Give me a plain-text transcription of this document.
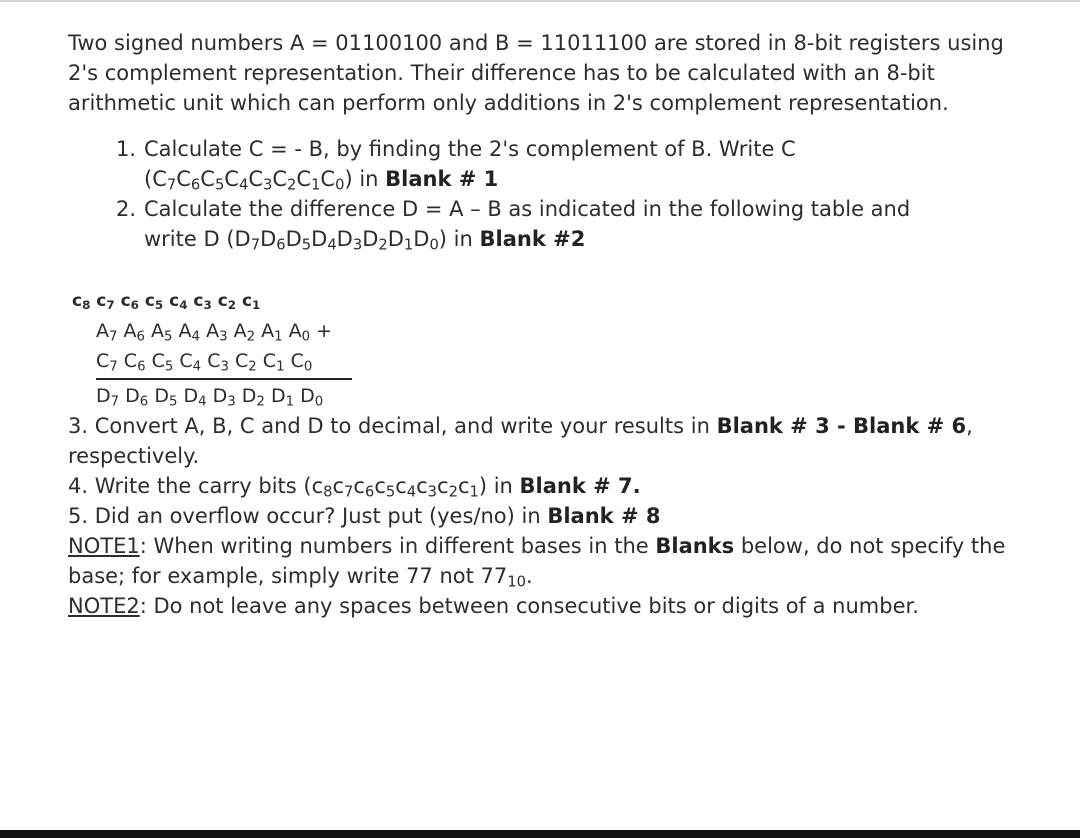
Two signed numbers A = 01100100 and B = 11011100 are stored in 8-bit registers using 2's complement representation. Their difference has to be calculated with an 8-bit arithmetic unit which can perform only additions in 2's complement representation.

1. Calculate C = - B, by finding the 2's complement of B. Write C $(C_7C_6C_5C_4C_3C_2C_1C_0)$ in Blank # 1
2. Calculate the difference D = A – B as indicated in the following table and write D $(D_7D_6D_5D_4D_3D_2D_1D_0)$ in Blank #2
$c_8$ $c_7$ $c_6$ $c_5$ $c_4$ $c_3$ $c_2$ $c_1$
$A_7$ $A_6$ $A_5$ $A_4$ $A_3$ $A_2$ $A_1$ $A_0$ +
$C_7$ $C_6$ $C_5$ $C_4$ $C_3$ $C_2$ $C_1$ $C_0$
$D_7$ $D_6$ $D_5$ $D_4$ $D_3$ $D_2$ $D_1$ $D_0$

3. Convert A, B, C and D to decimal, and write your results in Blank # 3 - Blank # 6, respectively.

4. Write the carry bits $(c_8c_7c_6c_5c_4c_3c_2c_1)$ in Blank # 7.

5. Did an overflow occur? Just put (yes/no) in Blank # 8

NOTE1: When writing numbers in different bases in the Blanks below, do not specify the base; for example, simply write 77 not $77_{10}$.

NOTE2: Do not leave any spaces between consecutive bits or digits of a number.
